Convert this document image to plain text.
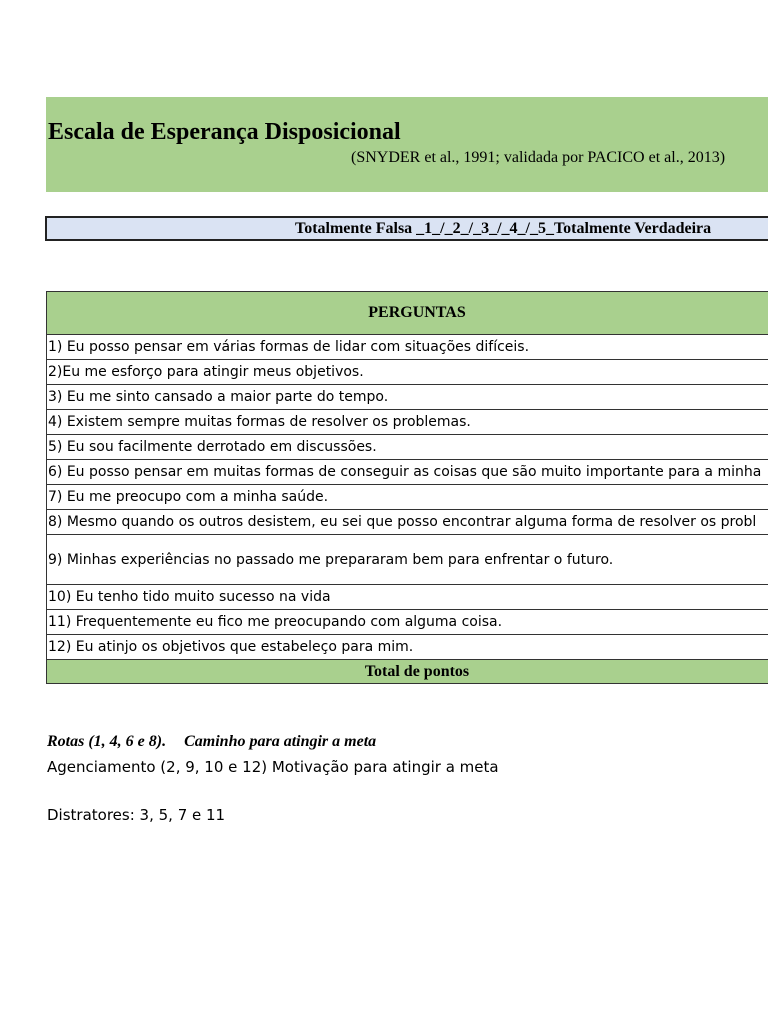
Escala de Esperança Disposicional
(SNYDER et al., 1991; validada por PACICO et al., 2013)
Totalmente Falsa _1_/_2_/_3_/_4_/_5_Totalmente Verdadeira
PERGUNTAS
1) Eu posso pensar em várias formas de lidar com situações difíceis.
2)Eu me esforço para atingir meus objetivos.
3) Eu me sinto cansado a maior parte do tempo.
4) Existem sempre muitas formas de resolver os problemas.
5) Eu sou facilmente derrotado em discussões.
6) Eu posso pensar em muitas formas de conseguir as coisas que são muito importante para a minha
7) Eu me preocupo com a minha saúde.
8) Mesmo quando os outros desistem, eu sei que posso encontrar alguma forma de resolver os probl
9) Minhas experiências no passado me prepararam bem para enfrentar o futuro.
10) Eu tenho tido muito sucesso na vida
11) Frequentemente eu fico me preocupando com alguma coisa.
12) Eu atinjo os objetivos que estabeleço para mim.
Total de pontos
Rotas (1, 4, 6 e 8). Caminho para atingir a meta
Agenciamento (2, 9, 10 e 12) Motivação para atingir a meta
Distratores: 3, 5, 7 e 11
